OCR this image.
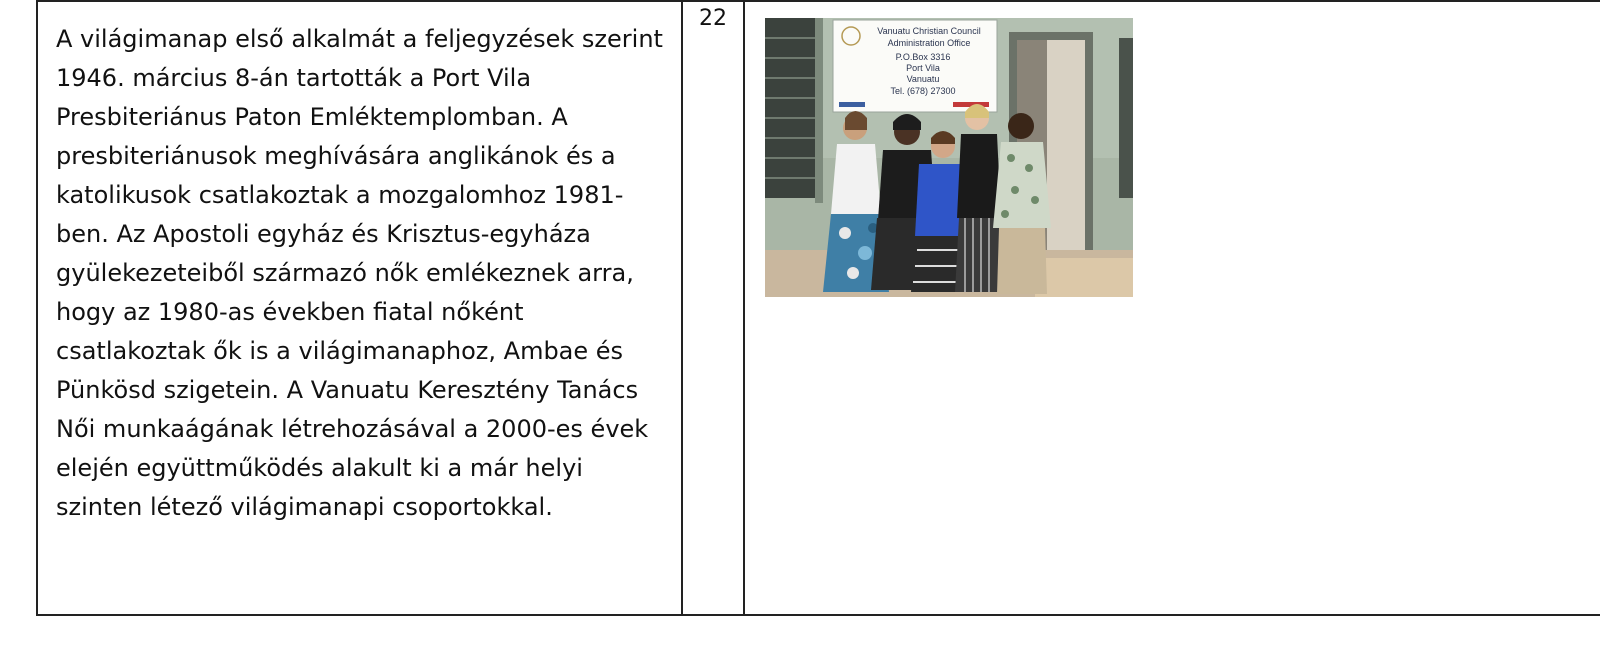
A világimanap első alkalmát a feljegyzések szerint
1946. március 8-án tartották a Port Vila
Presbiteriánus Paton Emléktemplomban. A
presbiteriánusok meghívására anglikánok és a
katolikusok csatlakoztak a mozgalomhoz 1981-
ben. Az Apostoli egyház és Krisztus-egyháza
gyülekezeteiből származó nők emlékeznek arra,
hogy az 1980-as években fiatal nőként
csatlakoztak ők is a világimanaphoz, Ambae és
Pünkösd szigetein. A Vanuatu Keresztény Tanács
Női munkaágának létrehozásával a 2000-es évek
elején együttműködés alakult ki a már helyi
szinten létező világimanapi csoportokkal.

22	Vanuatu Christian Council
Administration Office
P.O.Box 3316
Port Vila
Vanuatu
Tel. (678) 27300
